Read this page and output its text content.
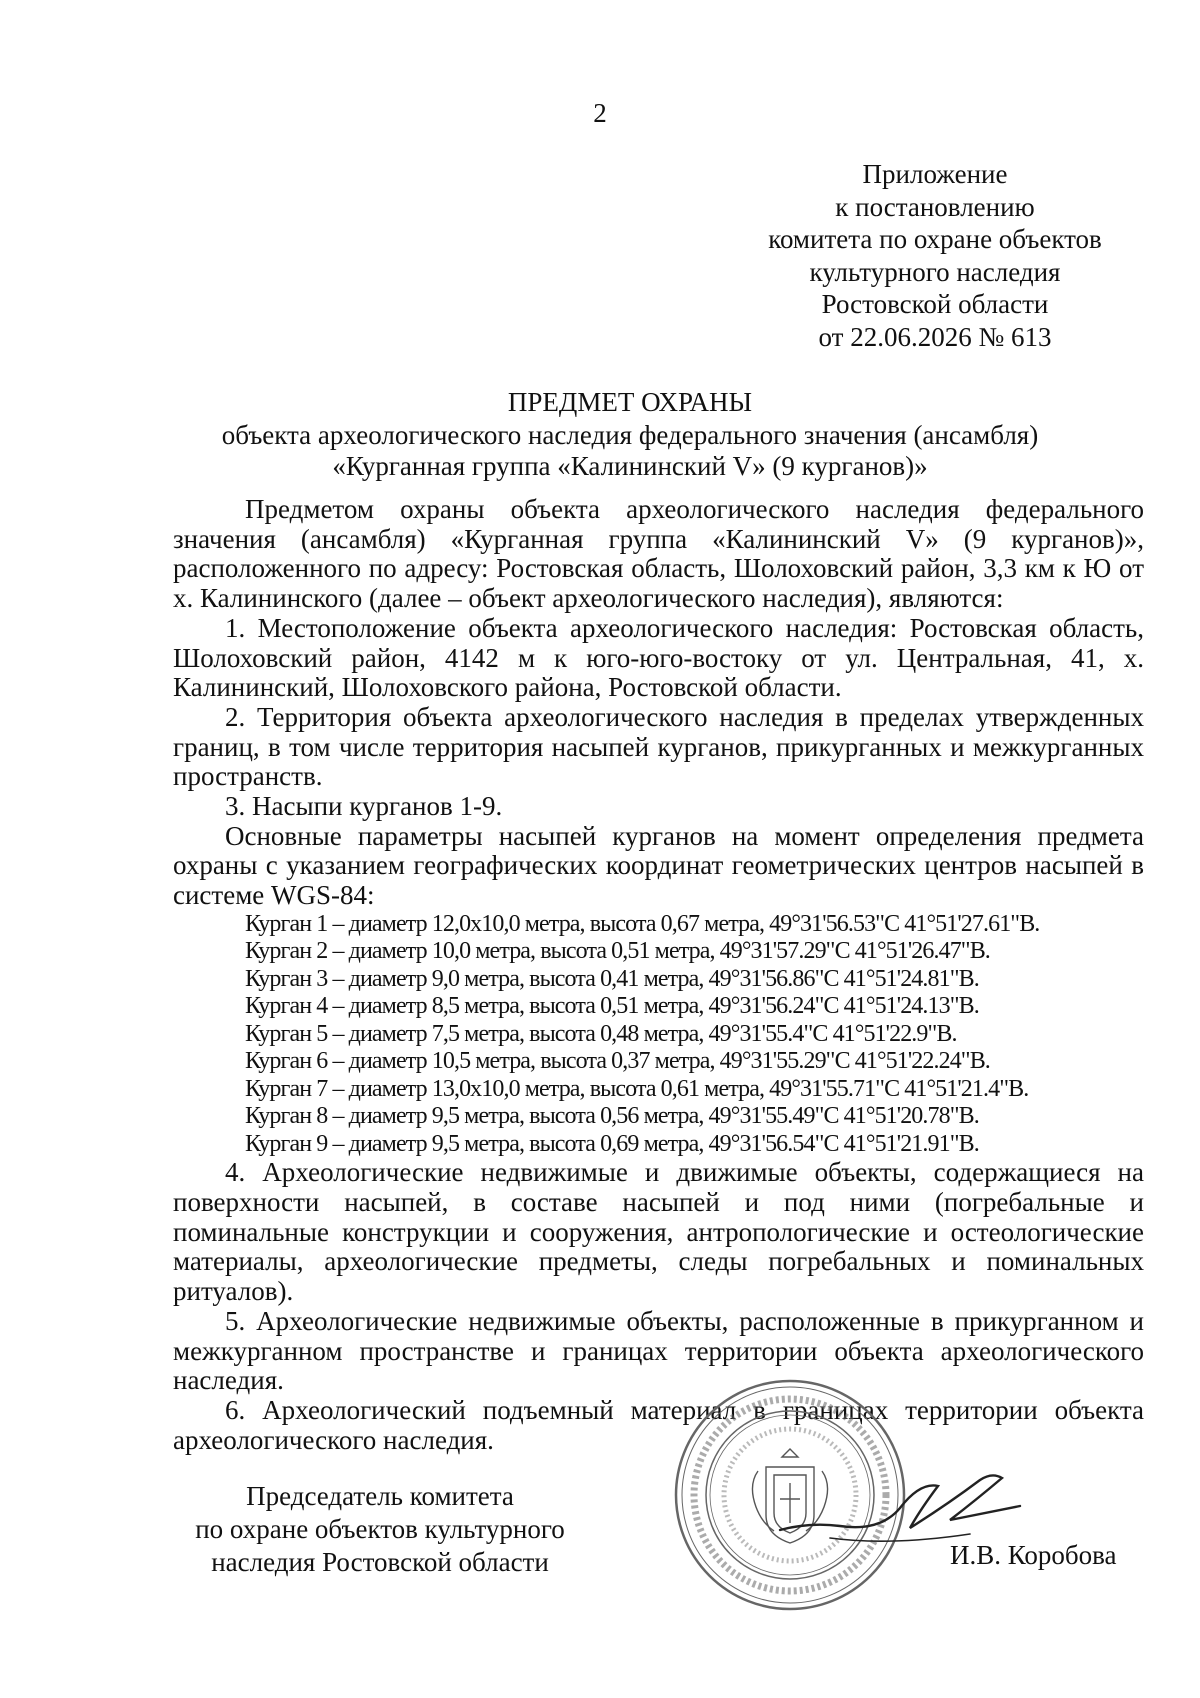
2
Приложение
к постановлению
комитета по охране объектов
культурного наследия
Ростовской области
от 22.06.2026 № 613
ПРЕДМЕТ ОХРАНЫ
объекта археологического наследия федерального значения (ансамбля)
«Курганная группа «Калининский V» (9 курганов)»

Предметом охраны объекта археологического наследия федерального значения (ансамбля) «Курганная группа «Калининский V» (9 курганов)», расположенного по адресу: Ростовская область, Шолоховский район, 3,3 км к Ю от х. Калининского (далее – объект археологического наследия), являются:

1. Местоположение объекта археологического наследия: Ростовская область, Шолоховский район, 4142 м к юго-юго-востоку от ул. Центральная, 41, х. Калининский, Шолоховского района, Ростовской области.

2. Территория объекта археологического наследия в пределах утвержденных границ, в том числе территория насыпей курганов, прикурганных и межкурганных пространств.

3. Насыпи курганов 1-9.

Основные параметры насыпей курганов на момент определения предмета охраны с указанием географических координат геометрических центров насыпей в системе WGS-84:

Курган 1 – диаметр 12,0х10,0 метра, высота 0,67 метра, 49°31'56.53"С 41°51'27.61"В.
Курган 2 – диаметр 10,0 метра, высота 0,51 метра, 49°31'57.29"С 41°51'26.47"В.
Курган 3 – диаметр 9,0 метра, высота 0,41 метра, 49°31'56.86"С 41°51'24.81"В.
Курган 4 – диаметр 8,5 метра, высота 0,51 метра, 49°31'56.24"С 41°51'24.13"В.
Курган 5 – диаметр 7,5 метра, высота 0,48 метра, 49°31'55.4"С 41°51'22.9"В.
Курган 6 – диаметр 10,5 метра, высота 0,37 метра, 49°31'55.29"С 41°51'22.24"В.
Курган 7 – диаметр 13,0х10,0 метра, высота 0,61 метра, 49°31'55.71"С 41°51'21.4"В.
Курган 8 – диаметр 9,5 метра, высота 0,56 метра, 49°31'55.49"С 41°51'20.78"В.
Курган 9 – диаметр 9,5 метра, высота 0,69 метра, 49°31'56.54"С 41°51'21.91"В.

4. Археологические недвижимые и движимые объекты, содержащиеся на поверхности насыпей, в составе насыпей и под ними (погребальные и поминальные конструкции и сооружения, антропологические и остеологические материалы, археологические предметы, следы погребальных и поминальных ритуалов).

5. Археологические недвижимые объекты, расположенные в прикурганном и межкурганном пространстве и границах территории объекта археологического наследия.

6. Археологический подъемный материал в границах территории объекта археологического наследия.

Председатель комитета
по охране объектов культурного
наследия Ростовской области	И.В. Коробова
